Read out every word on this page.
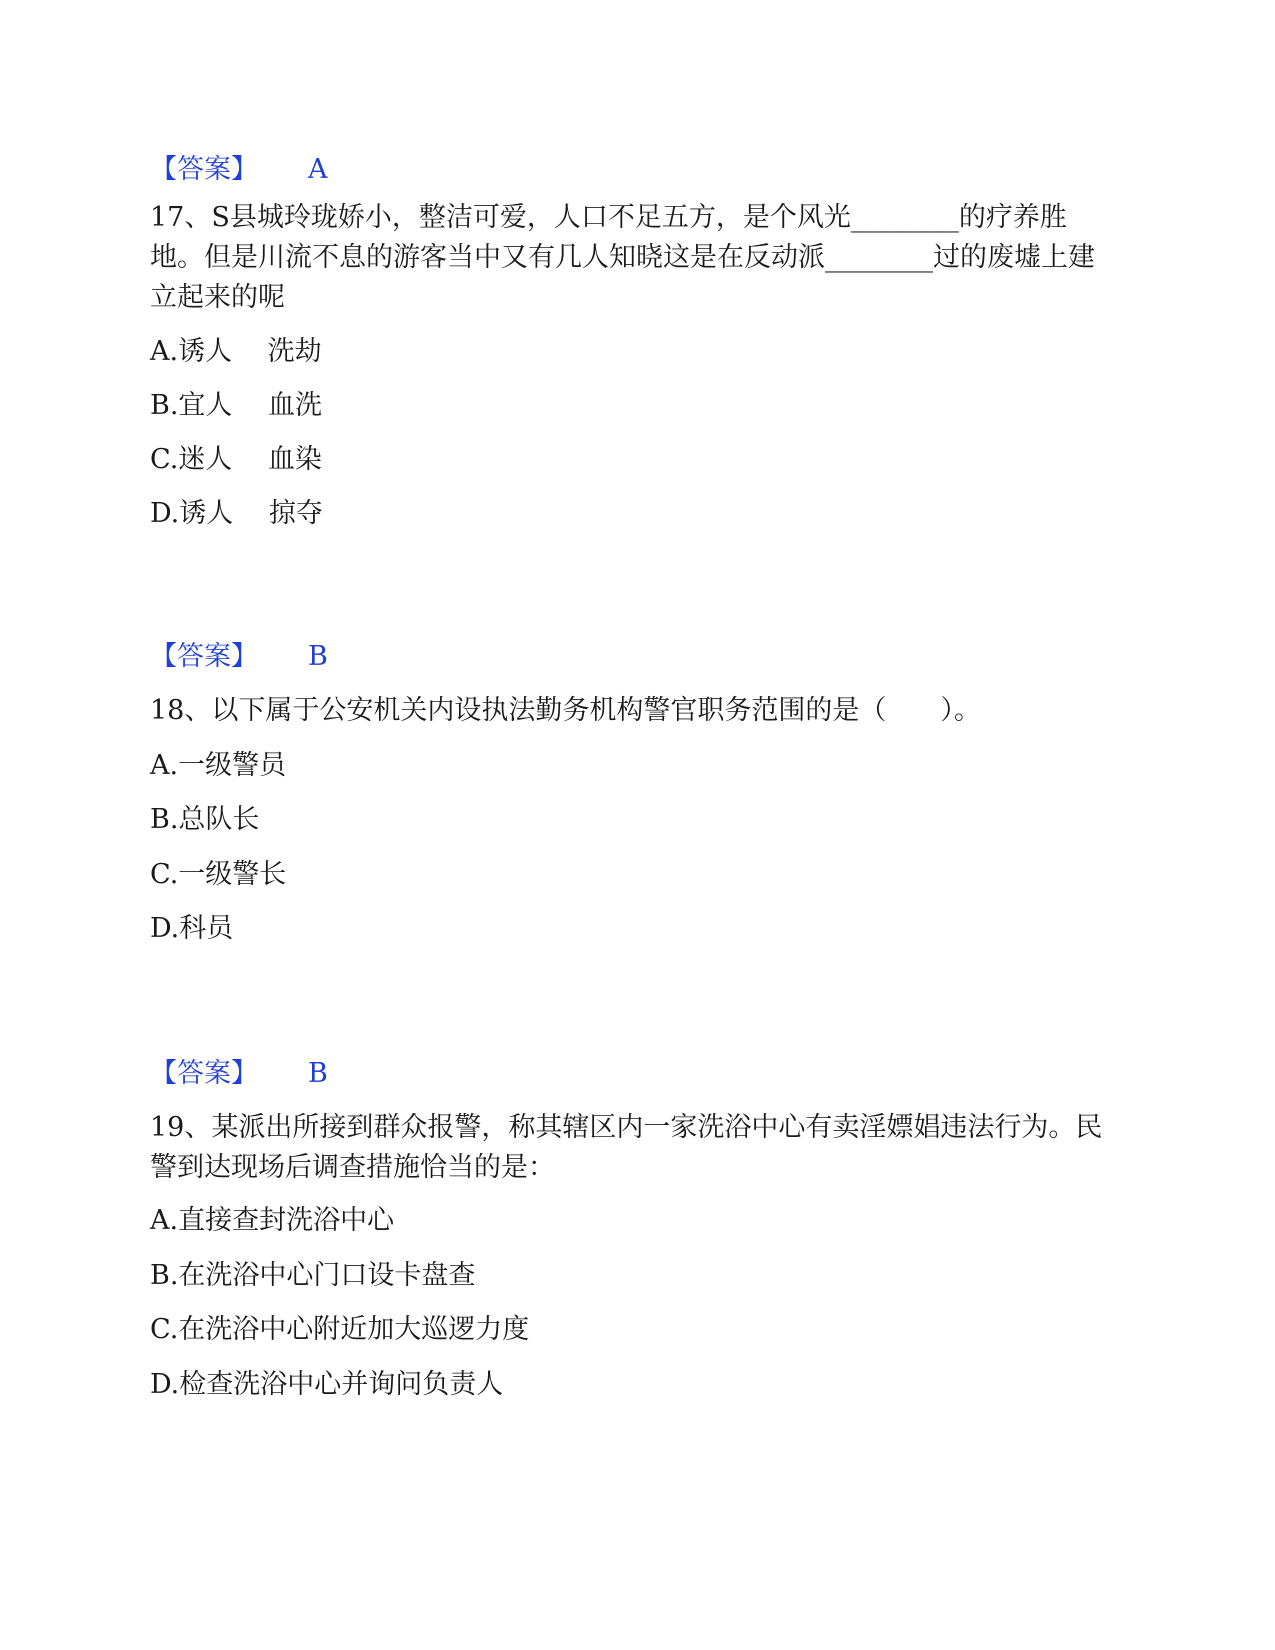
【答案】 A
17、S县城玲珑娇小，整洁可爱，人口不足五方，是个风光________的疗养胜地。但是川流不息的游客当中又有几人知晓这是在反动派________过的废墟上建立起来的呢
A.诱人　 洗劫
B.宜人　 血洗
C.迷人　 血染
D.诱人　 掠夺
【答案】 B
18、以下属于公安机关内设执法勤务机构警官职务范围的是（　　）。
A.一级警员
B.总队长
C.一级警长
D.科员
【答案】 B
19、某派出所接到群众报警，称其辖区内一家洗浴中心有卖淫嫖娼违法行为。民警到达现场后调查措施恰当的是：
A.直接查封洗浴中心
B.在洗浴中心门口设卡盘查
C.在洗浴中心附近加大巡逻力度
D.检查洗浴中心并询问负责人
